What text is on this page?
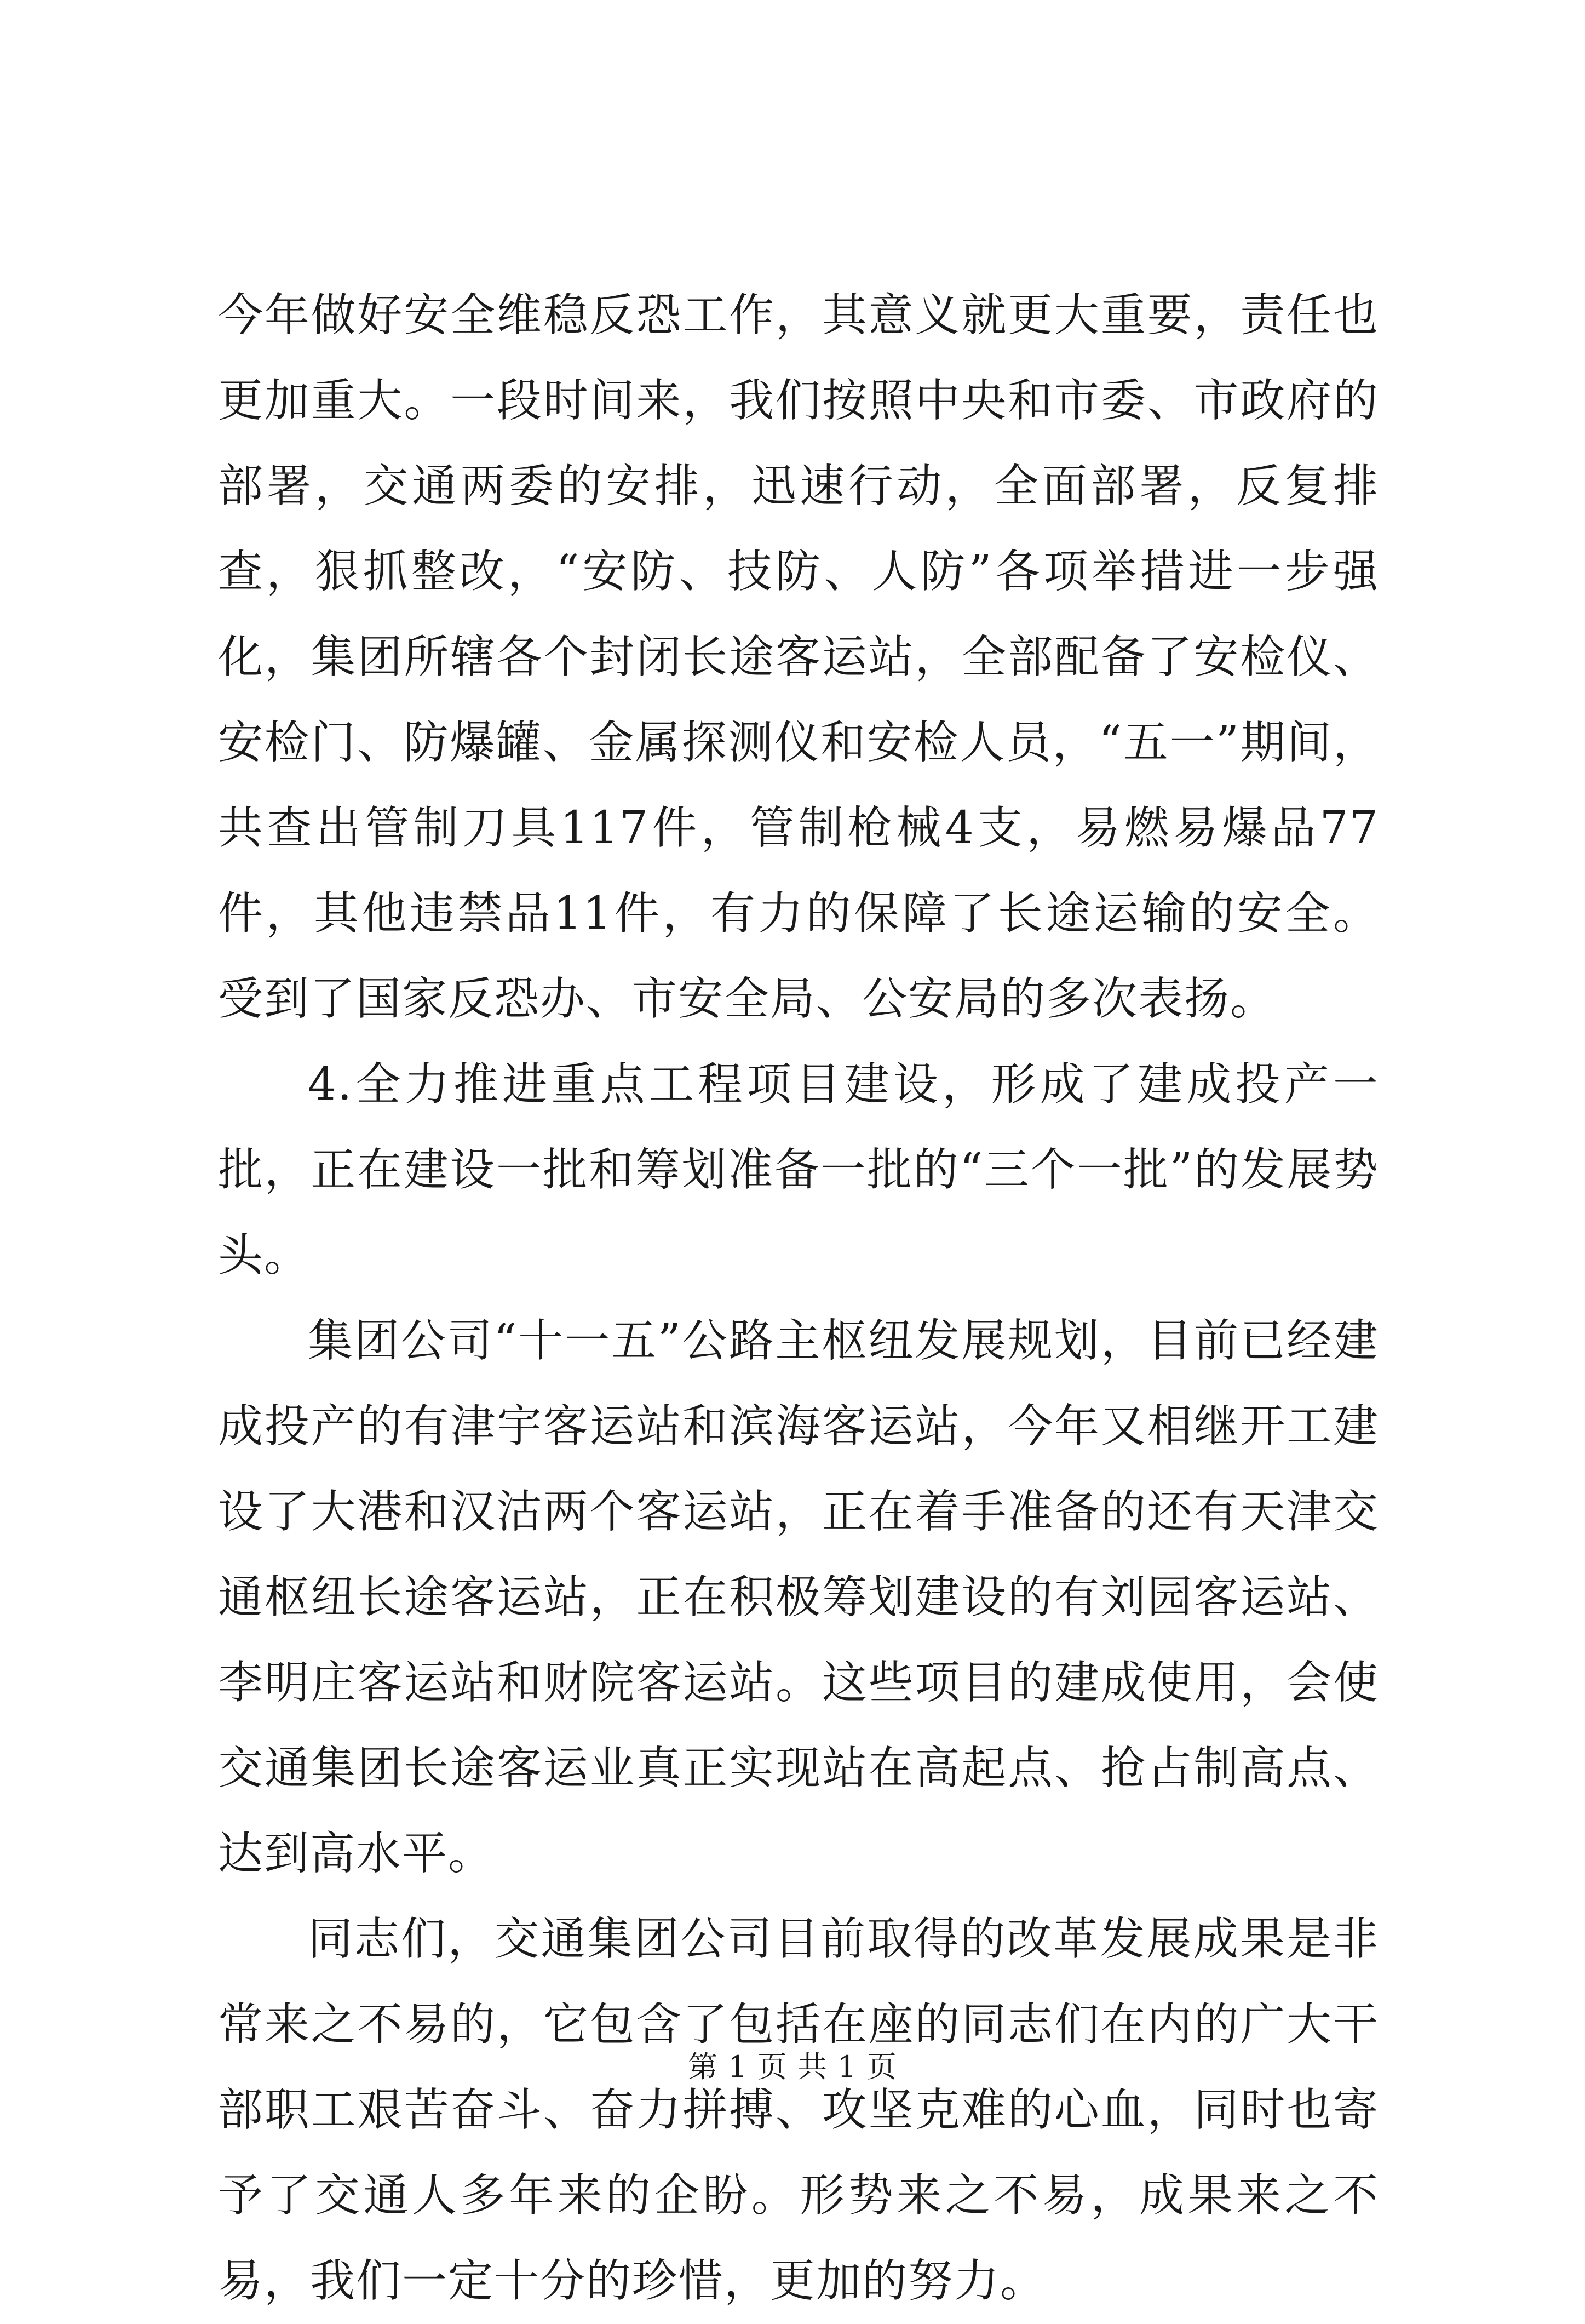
今年做好安全维稳反恐工作，其意义就更大重要，责任也更加重大。一段时间来，我们按照中央和市委、市政府的部署，交通两委的安排，迅速行动，全面部署，反复排查，狠抓整改，“安防、技防、人防”各项举措进一步强化，集团所辖各个封闭长途客运站，全部配备了安检仪、安检门、防爆罐、金属探测仪和安检人员，“五一”期间，共查出管制刀具117件，管制枪械4支，易燃易爆品77件，其他违禁品11件，有力的保障了长途运输的安全。受到了国家反恐办、市安全局、公安局的多次表扬。

4.全力推进重点工程项目建设，形成了建成投产一批，正在建设一批和筹划准备一批的“三个一批”的发展势头。

集团公司“十一五”公路主枢纽发展规划，目前已经建成投产的有津宇客运站和滨海客运站，今年又相继开工建设了大港和汉沽两个客运站，正在着手准备的还有天津交通枢纽长途客运站，正在积极筹划建设的有刘园客运站、李明庄客运站和财院客运站。这些项目的建成使用，会使交通集团长途客运业真正实现站在高起点、抢占制高点、达到高水平。

同志们，交通集团公司目前取得的改革发展成果是非常来之不易的，它包含了包括在座的同志们在内的广大干部职工艰苦奋斗、奋力拼搏、攻坚克难的心血，同时也寄予了交通人多年来的企盼。形势来之不易，成果来之不易，我们一定十分的珍惜，更加的努力。

第 1 页 共 1 页
